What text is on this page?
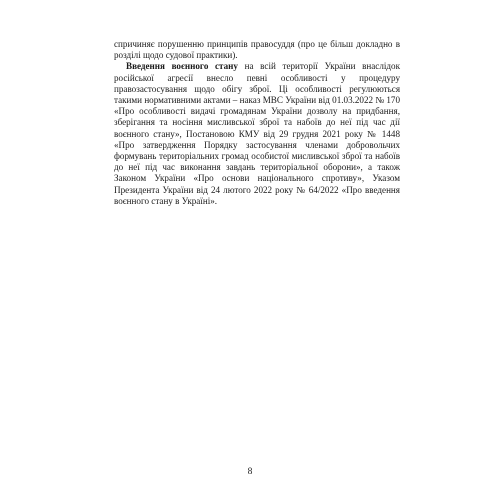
спричиняє порушенню принципів правосуддя (про це більш докладно в розділі щодо судової практики).

Введення воєнного стану на всій території України внаслідок російської агресії внесло певні особливості у процедуру правозастосування щодо обігу зброї. Ці особливості регулюються такими нормативними актами – наказ МВС України від 01.03.2022 № 170 «Про особливості видачі громадянам України дозволу на придбання, зберігання та носіння мисливської зброї та набоїв до неї під час дії воєнного стану», Постановою КМУ від 29 грудня 2021 року № 1448 «Про затвердження Порядку застосування членами добровольчих формувань територіальних громад особистої мисливської зброї та набоїв до неї під час виконання завдань територіальної оборони», а також Законом України «Про основи національного спротиву», Указом Президента України від 24 лютого 2022 року № 64/2022 «Про введення воєнного стану в Україні».

8
